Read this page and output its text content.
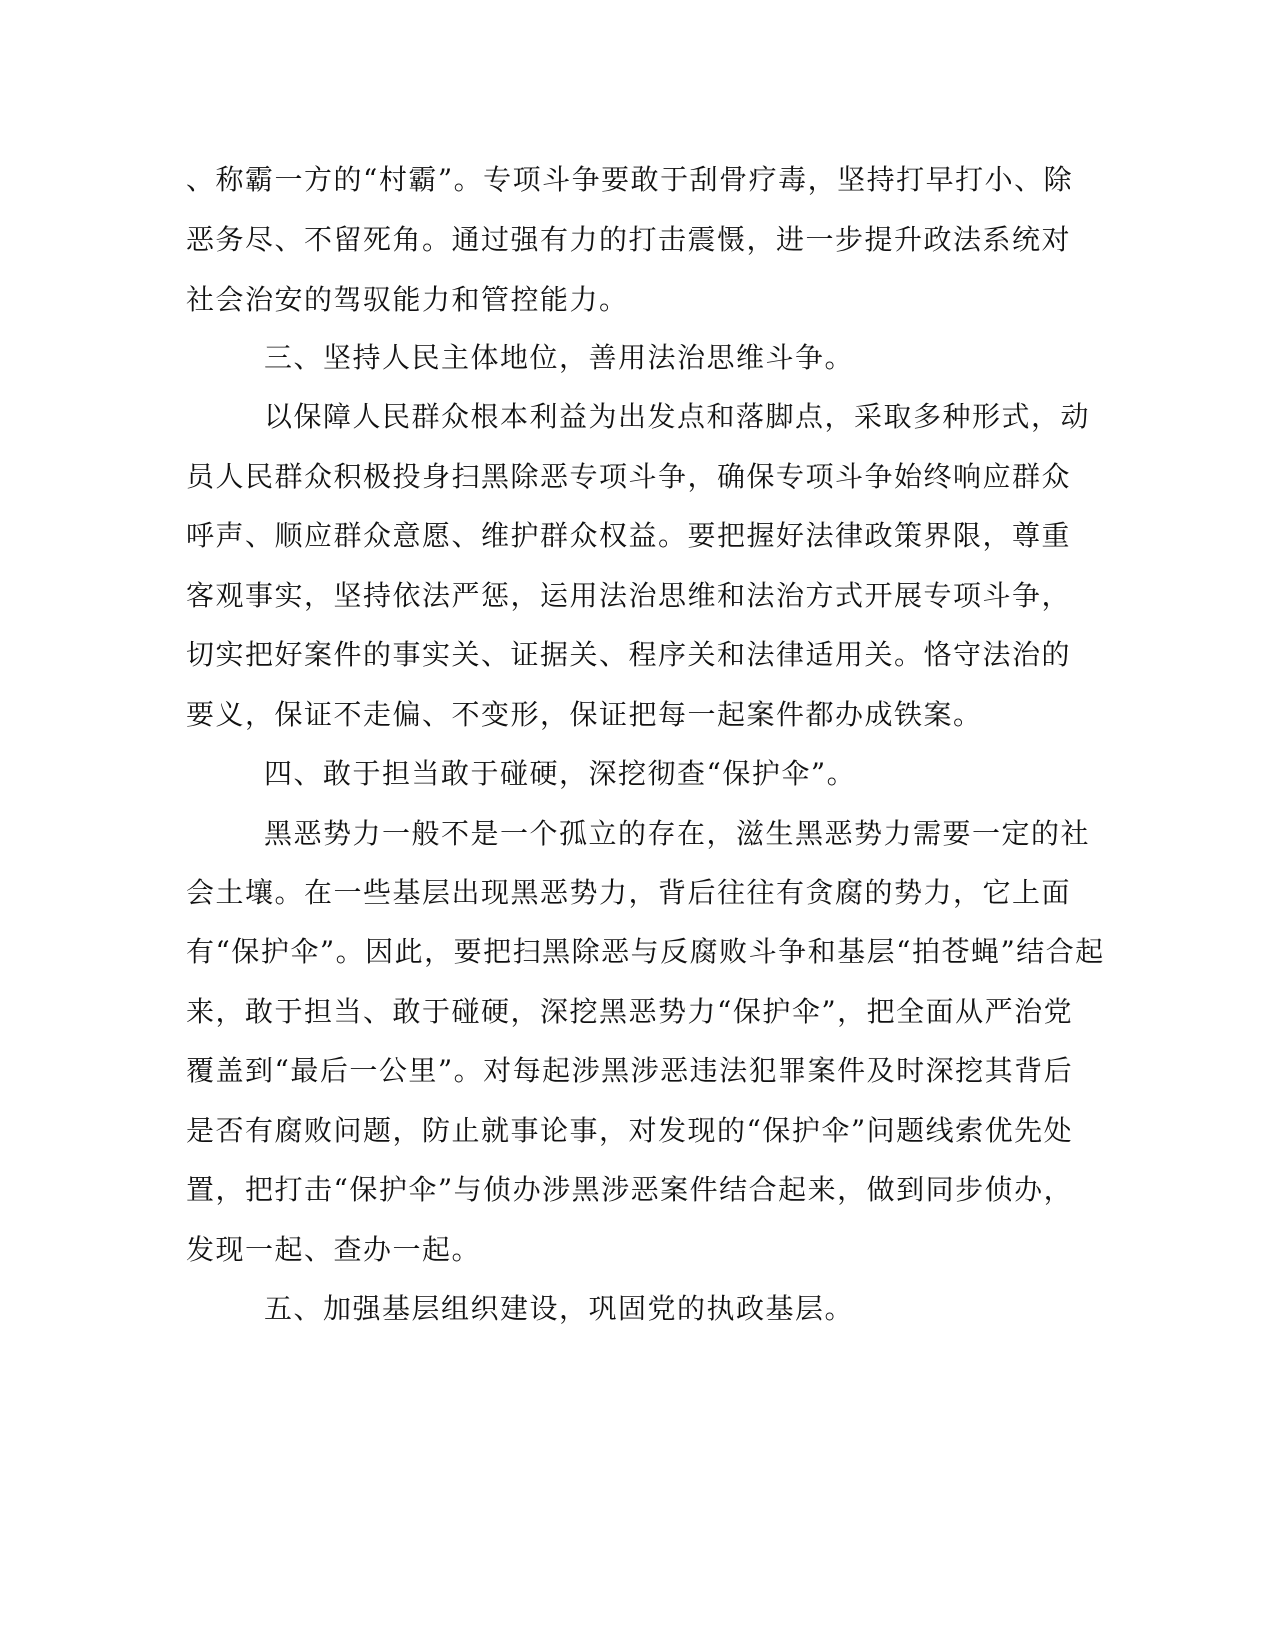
、称霸一方的“村霸”。专项斗争要敢于刮骨疗毒，坚持打早打小、除
恶务尽、不留死角。通过强有力的打击震慑，进一步提升政法系统对
社会治安的驾驭能力和管控能力。
三、坚持人民主体地位，善用法治思维斗争。
以保障人民群众根本利益为出发点和落脚点，采取多种形式，动
员人民群众积极投身扫黑除恶专项斗争，确保专项斗争始终响应群众
呼声、顺应群众意愿、维护群众权益。要把握好法律政策界限，尊重
客观事实，坚持依法严惩，运用法治思维和法治方式开展专项斗争，
切实把好案件的事实关、证据关、程序关和法律适用关。恪守法治的
要义，保证不走偏、不变形，保证把每一起案件都办成铁案。
四、敢于担当敢于碰硬，深挖彻查“保护伞”。
黑恶势力一般不是一个孤立的存在，滋生黑恶势力需要一定的社
会土壤。在一些基层出现黑恶势力，背后往往有贪腐的势力，它上面
有“保护伞”。因此，要把扫黑除恶与反腐败斗争和基层“拍苍蝇”结合起
来，敢于担当、敢于碰硬，深挖黑恶势力“保护伞”，把全面从严治党
覆盖到“最后一公里”。对每起涉黑涉恶违法犯罪案件及时深挖其背后
是否有腐败问题，防止就事论事，对发现的“保护伞”问题线索优先处
置，把打击“保护伞”与侦办涉黑涉恶案件结合起来，做到同步侦办，
发现一起、查办一起。
五、加强基层组织建设，巩固党的执政基层。
